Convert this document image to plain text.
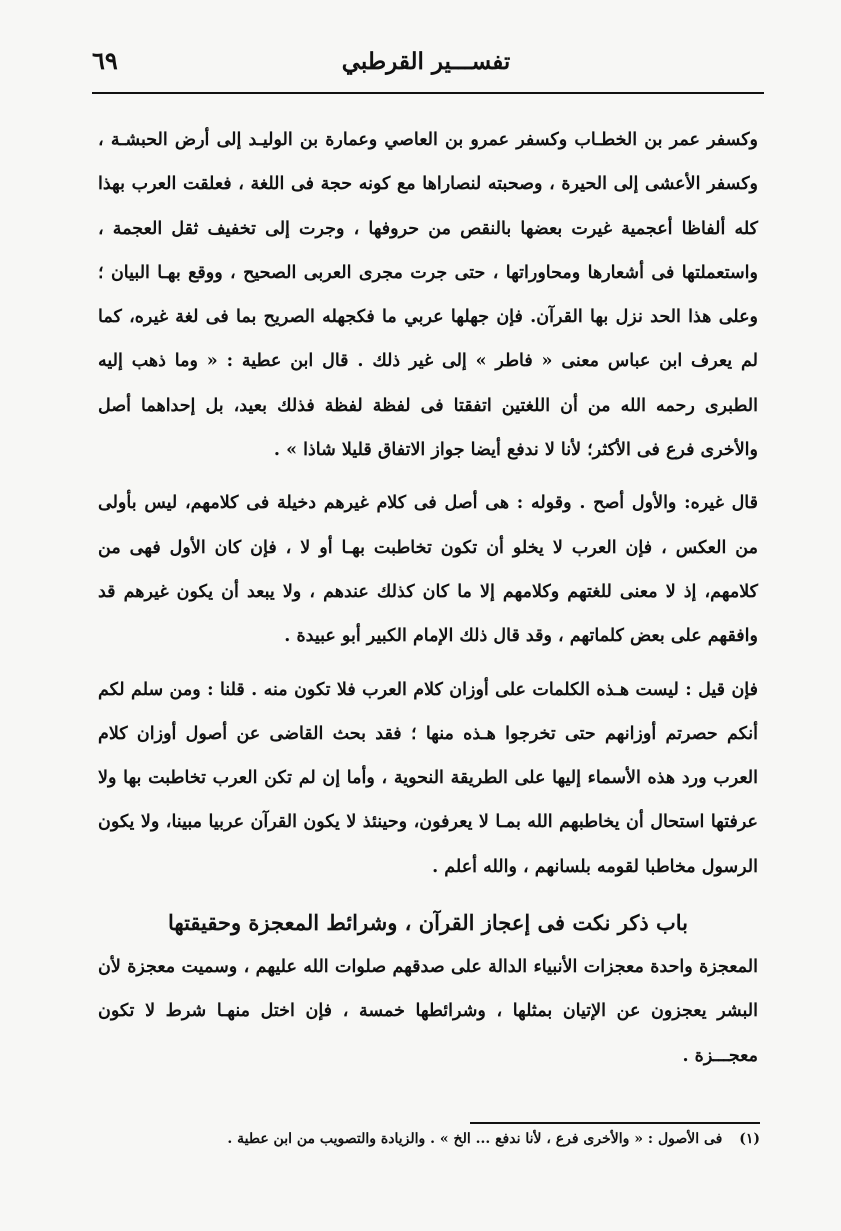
تفســـير القرطبي
٦٩

وكسفر عمر بن الخطـاب وكسفر عمرو بن العاصي وعمارة بن الوليـد إلى أرض الحبشـة ، وكسفر الأعشى إلى الحيرة ، وصحبته لنصاراها مع كونه حجة فى اللغة ، فعلقت العرب بهذا كله ألفاظا أعجمية غيرت بعضها بالنقص من حروفها ، وجرت إلى تخفيف ثقل العجمة ، واستعملتها فى أشعارها ومحاوراتها ، حتى جرت مجرى العربى الصحيح ، ووقع بهـا البيان ؛ وعلى هذا الحد نزل بها القرآن. فإن جهلها عربي ما فكجهله الصريح بما فى لغة غيره، كما لم يعرف ابن عباس معنى « فاطر » إلى غير ذلك . قال ابن عطية : « وما ذهب إليه الطبرى رحمه الله من أن اللغتين اتفقتا فى لفظة لفظة فذلك بعيد، بل إحداهما أصل والأخرى فرع فى الأكثر؛ لأنا لا ندفع أيضا جواز الاتفاق قليلا شاذا » .

قال غيره: والأول أصح . وقوله : هى أصل فى كلام غيرهم دخيلة فى كلامهم، ليس بأولى من العكس ، فإن العرب لا يخلو أن تكون تخاطبت بهـا أو لا ، فإن كان الأول فهى من كلامهم، إذ لا معنى للغتهم وكلامهم إلا ما كان كذلك عندهم ، ولا يبعد أن يكون غيرهم قد وافقهم على بعض كلماتهم ، وقد قال ذلك الإمام الكبير أبو عبيدة .

فإن قيل : ليست هـذه الكلمات على أوزان كلام العرب فلا تكون منه . قلنا : ومن سلم لكم أنكم حصرتم أوزانهم حتى تخرجوا هـذه منها ؛ فقد بحث القاضى عن أصول أوزان كلام العرب ورد هذه الأسماء إليها على الطريقة النحوية ، وأما إن لم تكن العرب تخاطبت بها ولا عرفتها استحال أن يخاطبهم الله بمـا لا يعرفون، وحينئذ لا يكون القرآن عربيا مبينا، ولا يكون الرسول مخاطبا لقومه بلسانهم ، والله أعلم .

باب ذكر نكت فى إعجاز القرآن ، وشرائط المعجزة وحقيقتها

المعجزة واحدة معجزات الأنبياء الدالة على صدقهم صلوات الله عليهم ، وسميت معجزة لأن البشر يعجزون عن الإتيان بمثلها ، وشرائطها خمسة ، فإن اختل منهـا شرط لا تكون معجـــزة .

(١) فى الأصول : « والأخرى فرع ، لأنا ندفع ... الخ » . والزيادة والتصويب من ابن عطية .
